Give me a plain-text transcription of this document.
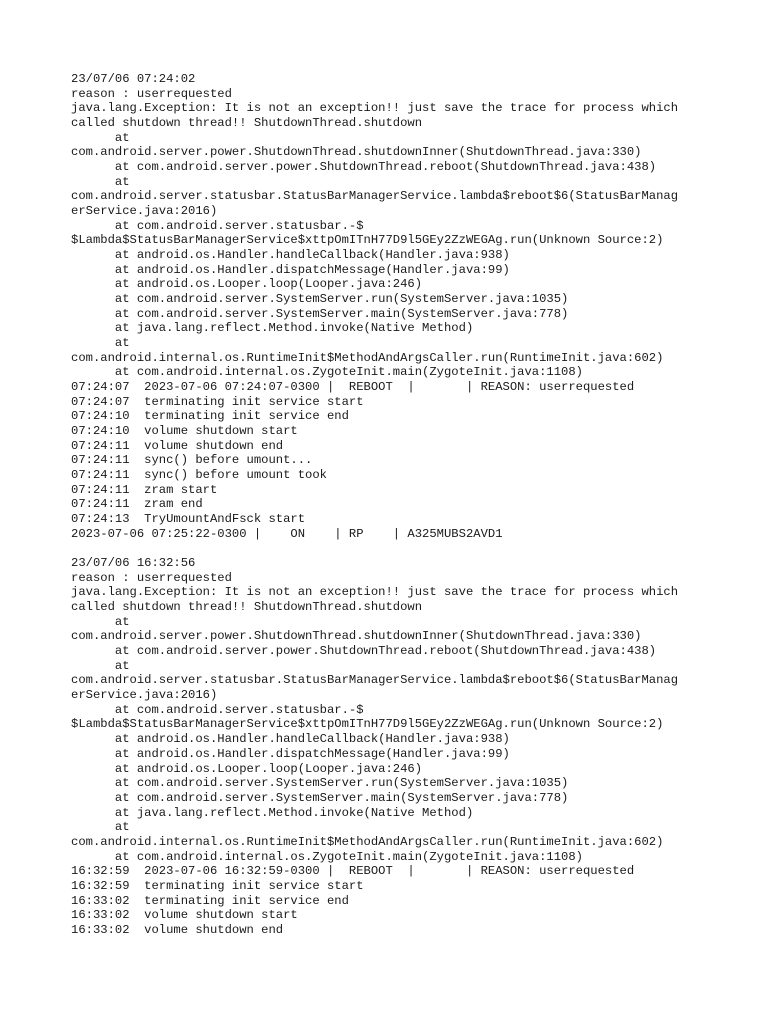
23/07/06 07:24:02
reason : userrequested
java.lang.Exception: It is not an exception!! just save the trace for process which
called shutdown thread!! ShutdownThread.shutdown
at
com.android.server.power.ShutdownThread.shutdownInner(ShutdownThread.java:330)
at com.android.server.power.ShutdownThread.reboot(ShutdownThread.java:438)
at
com.android.server.statusbar.StatusBarManagerService.lambda$reboot$6(StatusBarManag
erService.java:2016)
at com.android.server.statusbar.-$
$Lambda$StatusBarManagerService$xttpOmITnH77D9l5GEy2ZzWEGAg.run(Unknown Source:2)
at android.os.Handler.handleCallback(Handler.java:938)
at android.os.Handler.dispatchMessage(Handler.java:99)
at android.os.Looper.loop(Looper.java:246)
at com.android.server.SystemServer.run(SystemServer.java:1035)
at com.android.server.SystemServer.main(SystemServer.java:778)
at java.lang.reflect.Method.invoke(Native Method)
at
com.android.internal.os.RuntimeInit$MethodAndArgsCaller.run(RuntimeInit.java:602)
at com.android.internal.os.ZygoteInit.main(ZygoteInit.java:1108)
07:24:07  2023-07-06 07:24:07-0300 |  REBOOT  |       | REASON: userrequested
07:24:07  terminating init service start
07:24:10  terminating init service end
07:24:10  volume shutdown start
07:24:11  volume shutdown end
07:24:11  sync() before umount...
07:24:11  sync() before umount took
07:24:11  zram start
07:24:11  zram end
07:24:13  TryUmountAndFsck start
2023-07-06 07:25:22-0300 |    ON    | RP    | A325MUBS2AVD1
23/07/06 16:32:56
reason : userrequested
java.lang.Exception: It is not an exception!! just save the trace for process which
called shutdown thread!! ShutdownThread.shutdown
at
com.android.server.power.ShutdownThread.shutdownInner(ShutdownThread.java:330)
at com.android.server.power.ShutdownThread.reboot(ShutdownThread.java:438)
at
com.android.server.statusbar.StatusBarManagerService.lambda$reboot$6(StatusBarManag
erService.java:2016)
at com.android.server.statusbar.-$
$Lambda$StatusBarManagerService$xttpOmITnH77D9l5GEy2ZzWEGAg.run(Unknown Source:2)
at android.os.Handler.handleCallback(Handler.java:938)
at android.os.Handler.dispatchMessage(Handler.java:99)
at android.os.Looper.loop(Looper.java:246)
at com.android.server.SystemServer.run(SystemServer.java:1035)
at com.android.server.SystemServer.main(SystemServer.java:778)
at java.lang.reflect.Method.invoke(Native Method)
at
com.android.internal.os.RuntimeInit$MethodAndArgsCaller.run(RuntimeInit.java:602)
at com.android.internal.os.ZygoteInit.main(ZygoteInit.java:1108)
16:32:59  2023-07-06 16:32:59-0300 |  REBOOT  |       | REASON: userrequested
16:32:59  terminating init service start
16:33:02  terminating init service end
16:33:02  volume shutdown start
16:33:02  volume shutdown end
